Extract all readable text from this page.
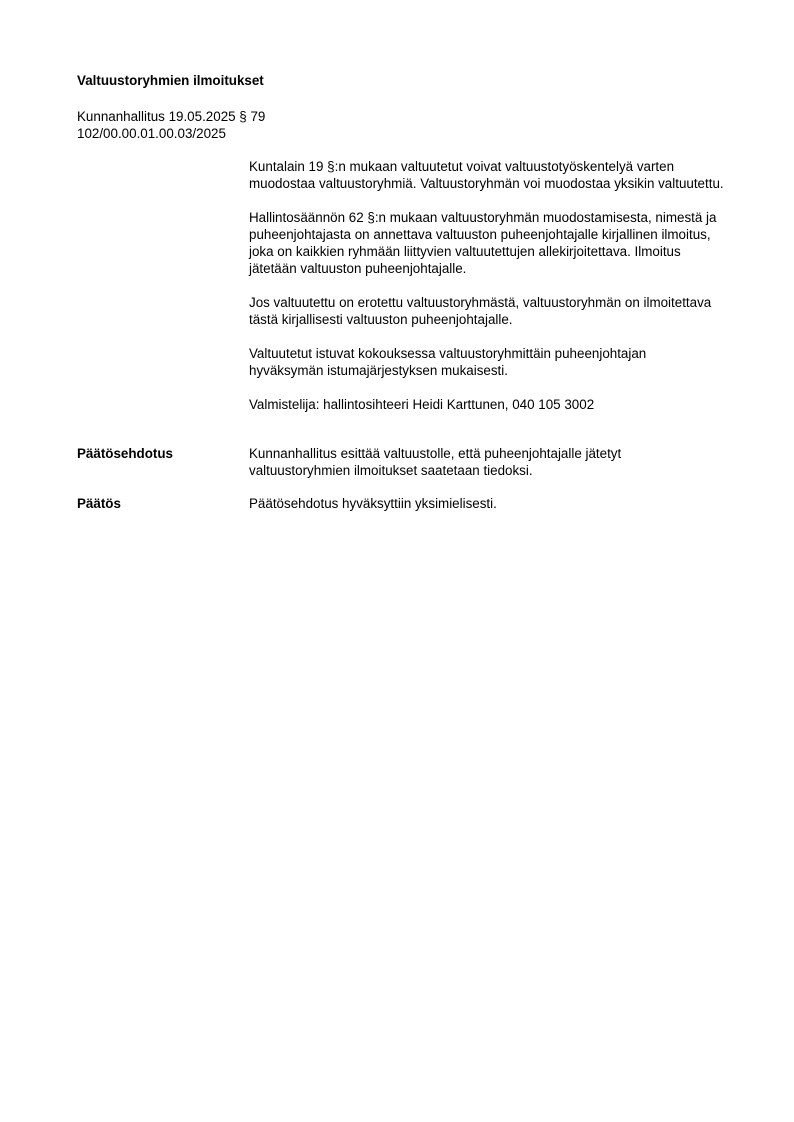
Valtuustoryhmien ilmoitukset
Kunnanhallitus 19.05.2025 § 79
102/00.00.01.00.03/2025

Kuntalain 19 §:n mukaan valtuutetut voivat valtuustotyöskentelyä varten muodostaa valtuustoryhmiä. Valtuustoryhmän voi muodostaa yksikin valtuutettu.

Hallintosäännön 62 §:n mukaan valtuustoryhmän muodostamisesta, nimestä ja puheenjohtajasta on annettava valtuuston puheenjohtajalle kirjallinen ilmoitus, joka on kaikkien ryhmään liittyvien valtuutettujen allekirjoitettava. Ilmoitus jätetään valtuuston puheenjohtajalle.

Jos valtuutettu on erotettu valtuustoryhmästä, valtuustoryhmän on ilmoitettava tästä kirjallisesti valtuuston puheenjohtajalle.

Valtuutetut istuvat kokouksessa valtuustoryhmittäin puheenjohtajan hyväksymän istumajärjestyksen mukaisesti.

Valmistelija: hallintosihteeri Heidi Karttunen, 040 105 3002

Päätösehdotus	Kunnanhallitus esittää valtuustolle, että puheenjohtajalle jätetyt valtuustoryhmien ilmoitukset saatetaan tiedoksi.
Päätös	Päätösehdotus hyväksyttiin yksimielisesti.
